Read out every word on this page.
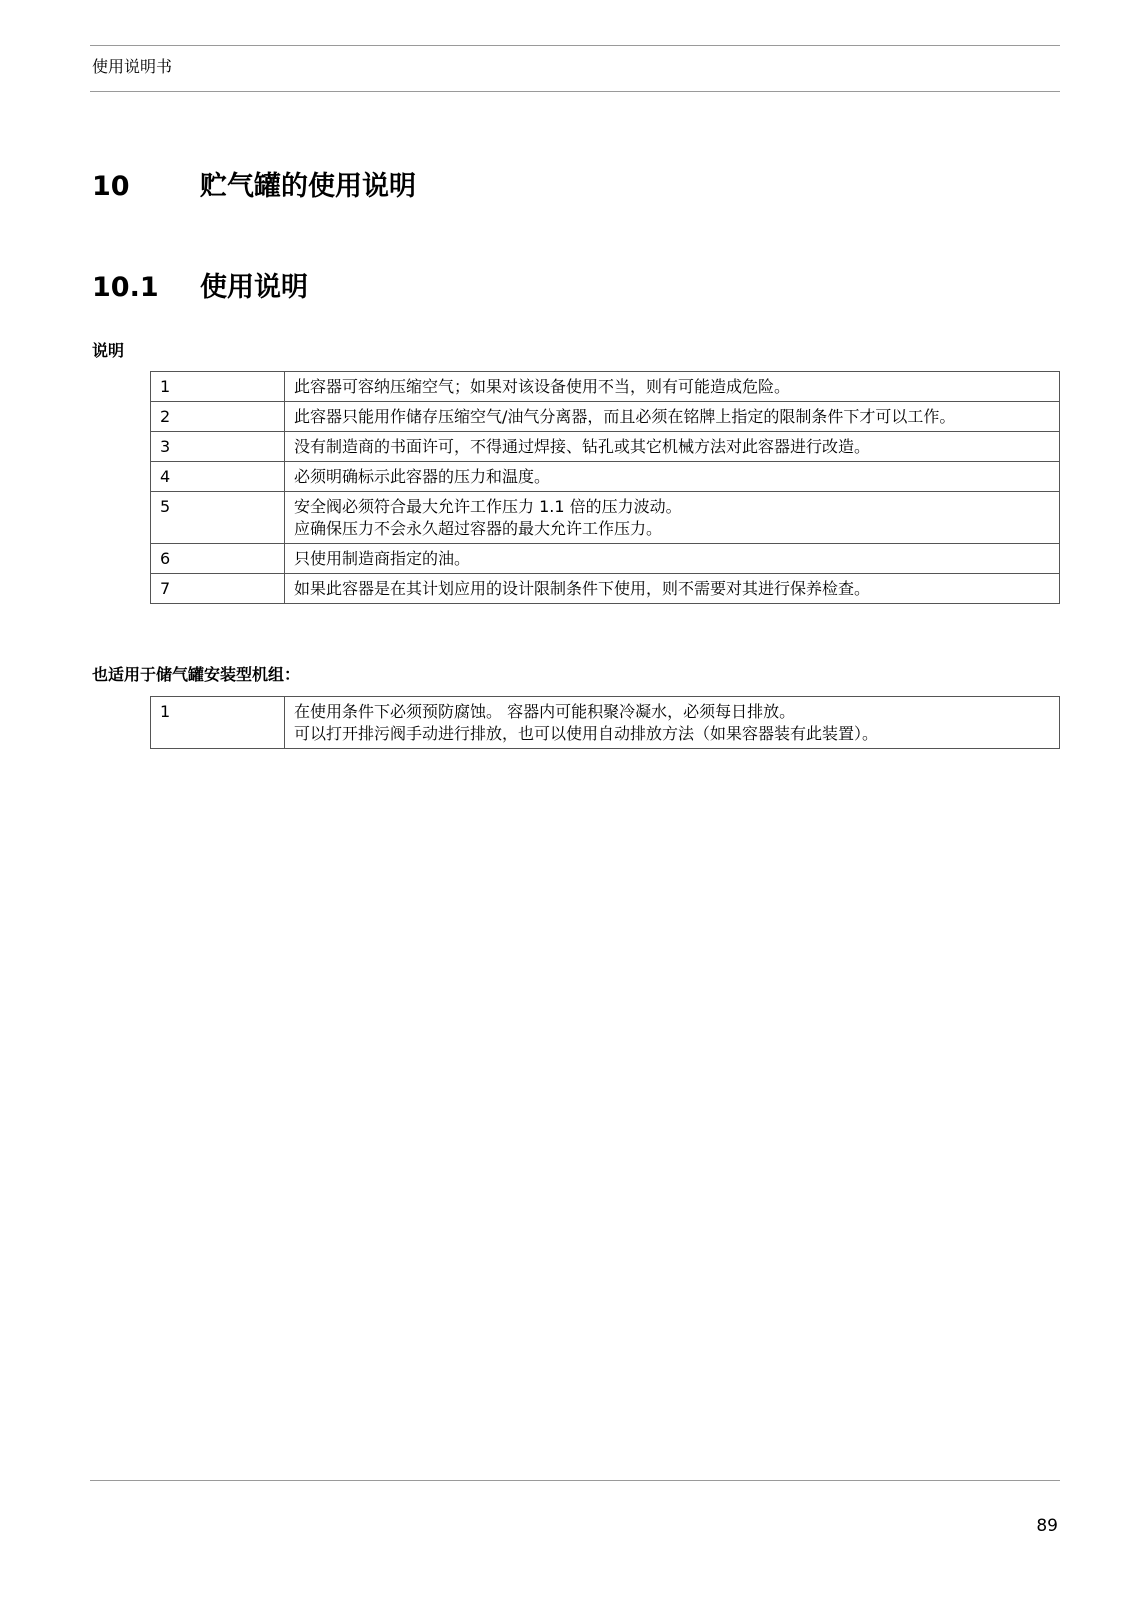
使用说明书
10	贮气罐的使用说明
10.1 使用说明
说明
1	此容器可容纳压缩空气；如果对该设备使用不当，则有可能造成危险。

2	此容器只能用作储存压缩空气/油气分离器，而且必须在铭牌上指定的限制条件下才可以工作。

3	没有制造商的书面许可，不得通过焊接、钻孔或其它机械方法对此容器进行改造。

4	必须明确标示此容器的压力和温度。

5	安全阀必须符合最大允许工作压力 1.1 倍的压力波动。
应确保压力不会永久超过容器的最大允许工作压力。

6	只使用制造商指定的油。

7	如果此容器是在其计划应用的设计限制条件下使用，则不需要对其进行保养检查。
也适用于储气罐安装型机组：
1	在使用条件下必须预防腐蚀。 容器内可能积聚冷凝水，必须每日排放。
可以打开排污阀手动进行排放，也可以使用自动排放方法（如果容器装有此装置）。
89
